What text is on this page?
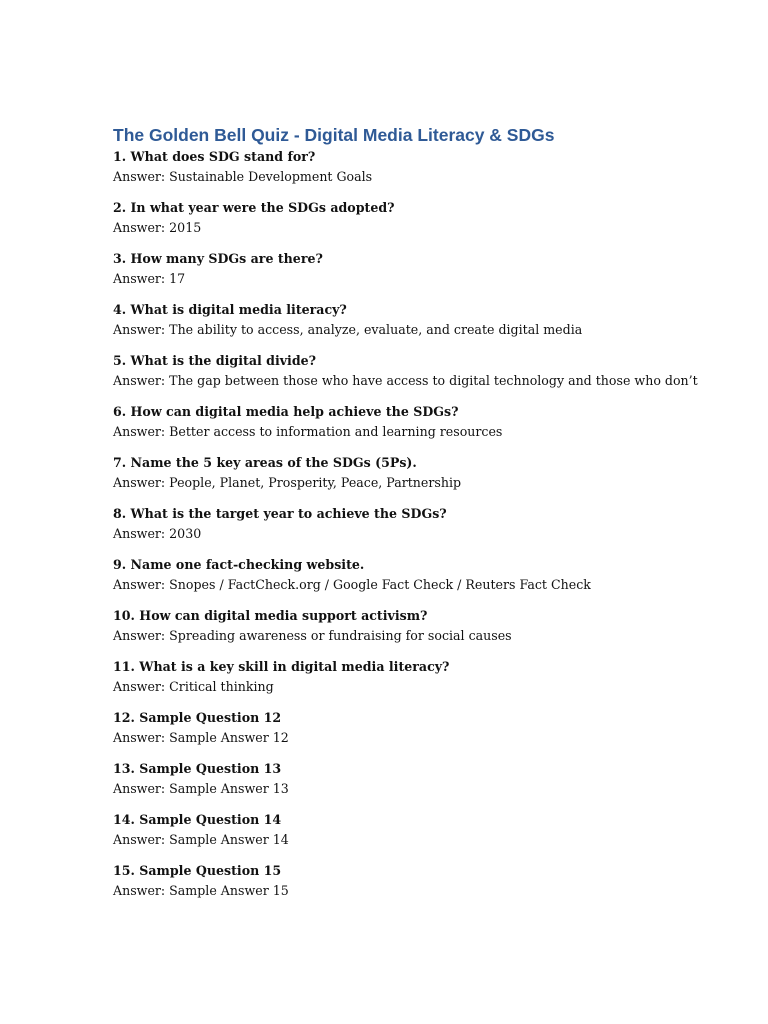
The Golden Bell Quiz - Digital Media Literacy & SDGs
1. What does SDG stand for?
Answer: Sustainable Development Goals
2. In what year were the SDGs adopted?
Answer: 2015
3. How many SDGs are there?
Answer: 17
4. What is digital media literacy?
Answer: The ability to access, analyze, evaluate, and create digital media
5. What is the digital divide?
Answer: The gap between those who have access to digital technology and those who don’t
6. How can digital media help achieve the SDGs?
Answer: Better access to information and learning resources
7. Name the 5 key areas of the SDGs (5Ps).
Answer: People, Planet, Prosperity, Peace, Partnership
8. What is the target year to achieve the SDGs?
Answer: 2030
9. Name one fact-checking website.
Answer: Snopes / FactCheck.org / Google Fact Check / Reuters Fact Check
10. How can digital media support activism?
Answer: Spreading awareness or fundraising for social causes
11. What is a key skill in digital media literacy?
Answer: Critical thinking
12. Sample Question 12
Answer: Sample Answer 12
13. Sample Question 13
Answer: Sample Answer 13
14. Sample Question 14
Answer: Sample Answer 14
15. Sample Question 15
Answer: Sample Answer 15
